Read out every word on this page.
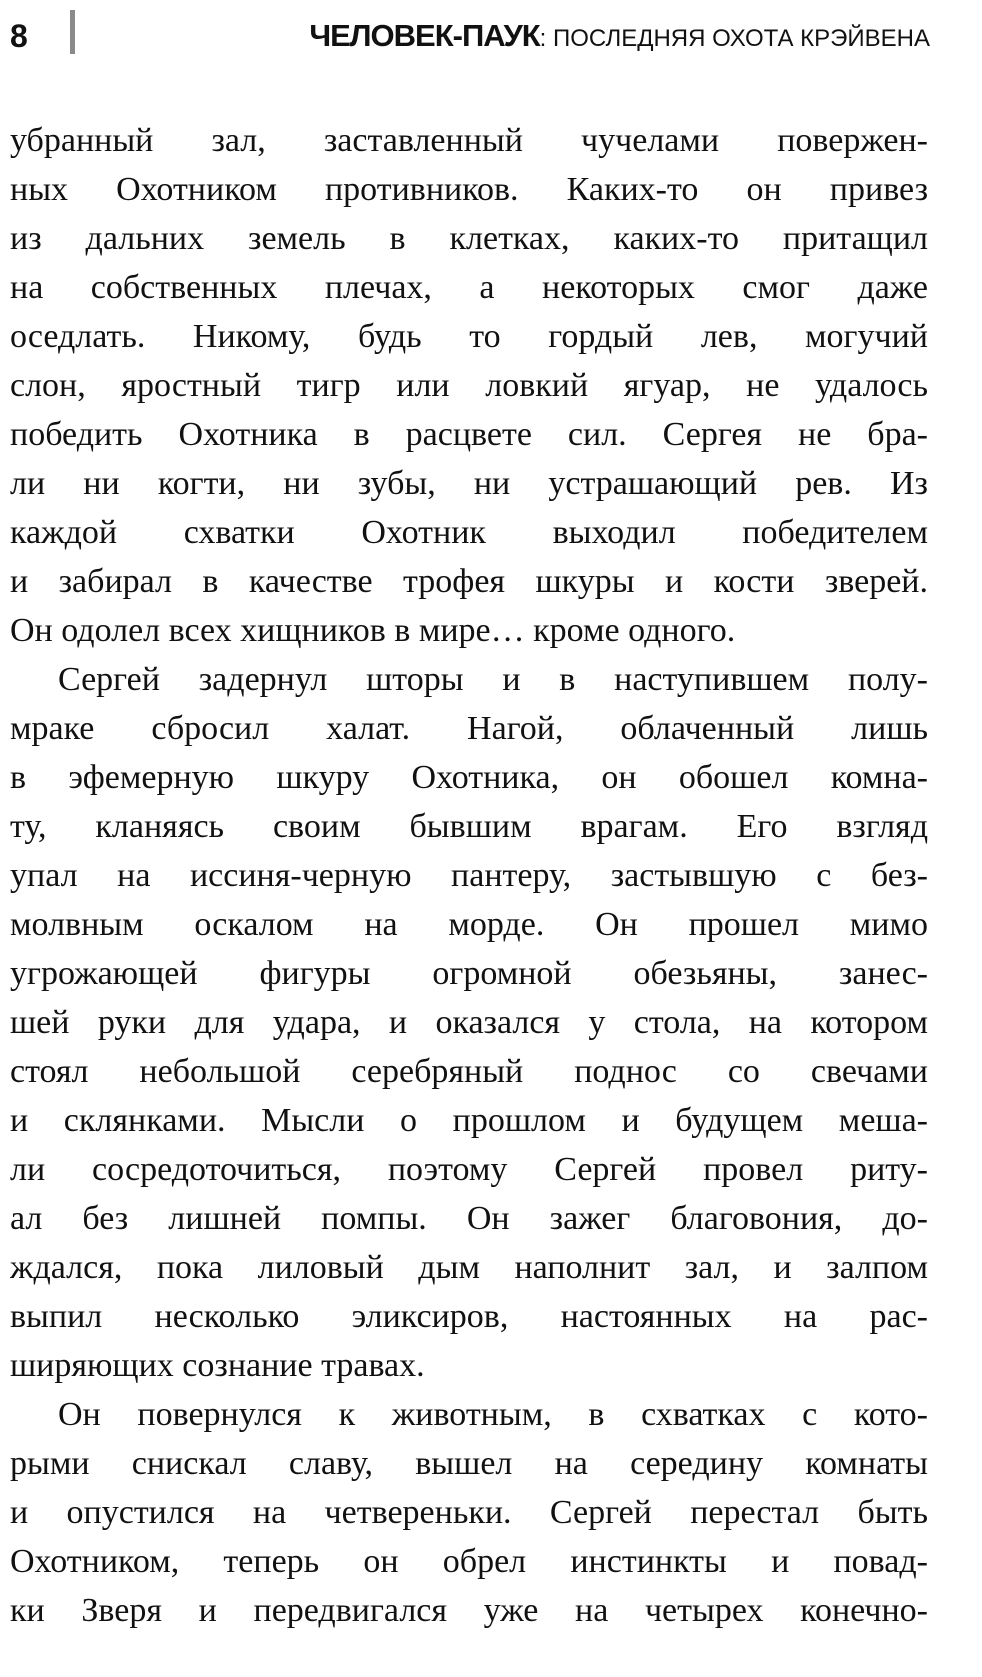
8	ЧЕЛОВЕК-ПАУК: ПОСЛЕДНЯЯ ОХОТА КРЭЙВЕНА
убранный зал, заставленный чучелами повержен-
ных Охотником противников. Каких-то он привез
из дальних земель в клетках, каких-то притащил
на собственных плечах, а некоторых смог даже
оседлать. Никому, будь то гордый лев, могучий
слон, яростный тигр или ловкий ягуар, не удалось
победить Охотника в расцвете сил. Сергея не бра-
ли ни когти, ни зубы, ни устрашающий рев. Из
каждой схватки Охотник выходил победителем
и забирал в качестве трофея шкуры и кости зверей.
Он одолел всех хищников в мире… кроме одного.
Сергей задернул шторы и в наступившем полу-
мраке сбросил халат. Нагой, облаченный лишь
в эфемерную шкуру Охотника, он обошел комна-
ту, кланяясь своим бывшим врагам. Его взгляд
упал на иссиня-черную пантеру, застывшую с без-
молвным оскалом на морде. Он прошел мимо
угрожающей фигуры огромной обезьяны, занес-
шей руки для удара, и оказался у стола, на котором
стоял небольшой серебряный поднос со свечами
и склянками. Мысли о прошлом и будущем меша-
ли сосредоточиться, поэтому Сергей провел риту-
ал без лишней помпы. Он зажег благовония, до-
ждался, пока лиловый дым наполнит зал, и залпом
выпил несколько эликсиров, настоянных на рас-
ширяющих сознание травах.
Он повернулся к животным, в схватках с кото-
рыми снискал славу, вышел на середину комнаты
и опустился на четвереньки. Сергей перестал быть
Охотником, теперь он обрел инстинкты и повад-
ки Зверя и передвигался уже на четырех конечно-
